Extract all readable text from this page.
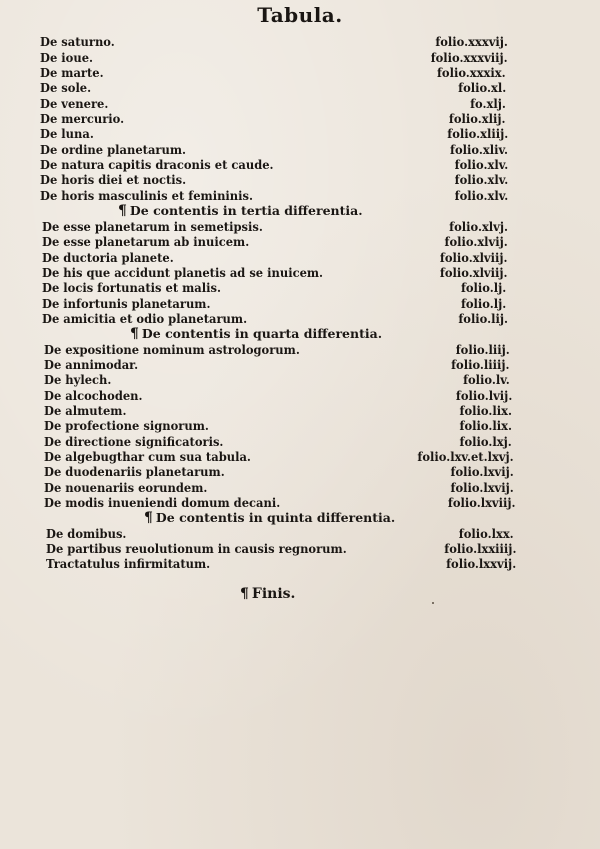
Tabula.
De saturno.	folio.xxxvij.
De ioue.	folio.xxxviij.
De marte.	folio.xxxix.
De sole.	folio.xl.
De venere.	fo.xlj.
De mercurio.	folio.xlij.
De luna.	folio.xliij.
De ordine planetarum.	folio.xliv.
De natura capitis draconis et caude.	folio.xlv.
De horis diei et noctis.	folio.xlv.
De horis masculinis et femininis.	folio.xlv.
¶ De contentis in tertia differentia.
De esse planetarum in semetipsis.	folio.xlvj.
De esse planetarum ab inuicem.	folio.xlvij.
De ductoria planete.	folio.xlviij.
De his que accidunt planetis ad se inuicem.	folio.xlviij.
De locis fortunatis et malis.	folio.lj.
De infortunis planetarum.	folio.lj.
De amicitia et odio planetarum.	folio.lij.
¶ De contentis in quarta differentia.
De expositione nominum astrologorum.	folio.liij.
De annimodar.	folio.liiij.
De hylech.	folio.lv.
De alcochoden.	folio.lvij.
De almutem.	folio.lix.
De profectione signorum.	folio.lix.
De directione significatoris.	folio.lxj.
De algebugthar cum sua tabula.	folio.lxv.et.lxvj.
De duodenariis planetarum.	folio.lxvij.
De nouenariis eorundem.	folio.lxvij.
De modis inueniendi domum decani.	folio.lxviij.
¶ De contentis in quinta differentia.
De domibus.	folio.lxx.
De partibus reuolutionum in causis regnorum.	folio.lxxiiij.
Tractatulus infirmitatum.	folio.lxxvij.
¶ Finis.
